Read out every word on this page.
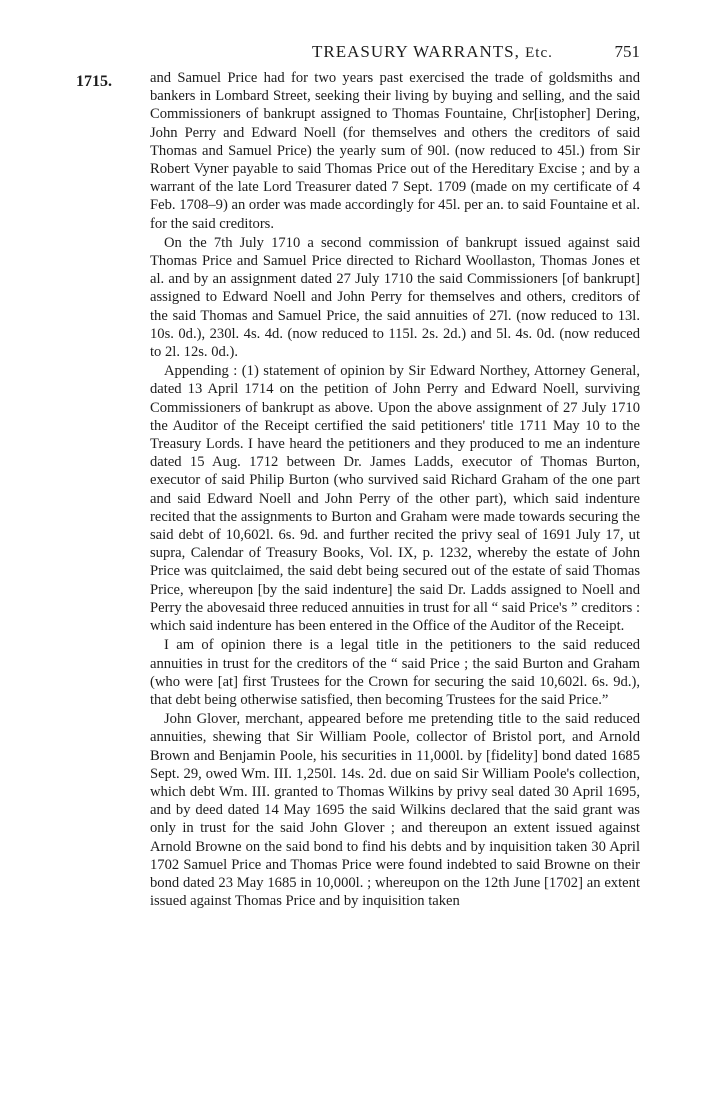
TREASURY WARRANTS, Etc.	751
1715.	and Samuel Price had for two years past exercised the trade of goldsmiths and bankers in Lombard Street, seeking their living by buying and selling, and the said Commissioners of bankrupt assigned to Thomas Fountaine, Chr[istopher] Dering, John Perry and Edward Noell (for themselves and others the creditors of said Thomas and Samuel Price) the yearly sum of 90l. (now reduced to 45l.) from Sir Robert Vyner payable to said Thomas Price out of the Hereditary Excise ; and by a warrant of the late Lord Treasurer dated 7 Sept. 1709 (made on my certificate of 4 Feb. 1708–9) an order was made accordingly for 45l. per an. to said Fountaine et al. for the said creditors.

On the 7th July 1710 a second commission of bankrupt issued against said Thomas Price and Samuel Price directed to Richard Woollaston, Thomas Jones et al. and by an assignment dated 27 July 1710 the said Commissioners [of bankrupt] assigned to Edward Noell and John Perry for themselves and others, creditors of the said Thomas and Samuel Price, the said annuities of 27l. (now reduced to 13l. 10s. 0d.), 230l. 4s. 4d. (now reduced to 115l. 2s. 2d.) and 5l. 4s. 0d. (now reduced to 2l. 12s. 0d.).

Appending : (1) statement of opinion by Sir Edward Northey, Attorney General, dated 13 April 1714 on the petition of John Perry and Edward Noell, surviving Commissioners of bankrupt as above. Upon the above assignment of 27 July 1710 the Auditor of the Receipt certified the said petitioners' title 1711 May 10 to the Treasury Lords. I have heard the petitioners and they produced to me an indenture dated 15 Aug. 1712 between Dr. James Ladds, executor of Thomas Burton, executor of said Philip Burton (who survived said Richard Graham of the one part and said Edward Noell and John Perry of the other part), which said indenture recited that the assignments to Burton and Graham were made towards securing the said debt of 10,602l. 6s. 9d. and further recited the privy seal of 1691 July 17, ut supra, Calendar of Treasury Books, Vol. IX, p. 1232, whereby the estate of John Price was quitclaimed, the said debt being secured out of the estate of said Thomas Price, whereupon [by the said indenture] the said Dr. Ladds assigned to Noell and Perry the abovesaid three reduced annuities in trust for all “ said Price's ” creditors : which said indenture has been entered in the Office of the Auditor of the Receipt.

I am of opinion there is a legal title in the petitioners to the said reduced annuities in trust for the creditors of the “ said Price ; the said Burton and Graham (who were [at] first Trustees for the Crown for securing the said 10,602l. 6s. 9d.), that debt being otherwise satisfied, then becoming Trustees for the said Price.”

John Glover, merchant, appeared before me pretending title to the said reduced annuities, shewing that Sir William Poole, collector of Bristol port, and Arnold Brown and Benjamin Poole, his securities in 11,000l. by [fidelity] bond dated 1685 Sept. 29, owed Wm. III. 1,250l. 14s. 2d. due on said Sir William Poole's collection, which debt Wm. III. granted to Thomas Wilkins by privy seal dated 30 April 1695, and by deed dated 14 May 1695 the said Wilkins declared that the said grant was only in trust for the said John Glover ; and thereupon an extent issued against Arnold Browne on the said bond to find his debts and by inquisition taken 30 April 1702 Samuel Price and Thomas Price were found indebted to said Browne on their bond dated 23 May 1685 in 10,000l. ; whereupon on the 12th June [1702] an extent issued against Thomas Price and by inquisition taken
